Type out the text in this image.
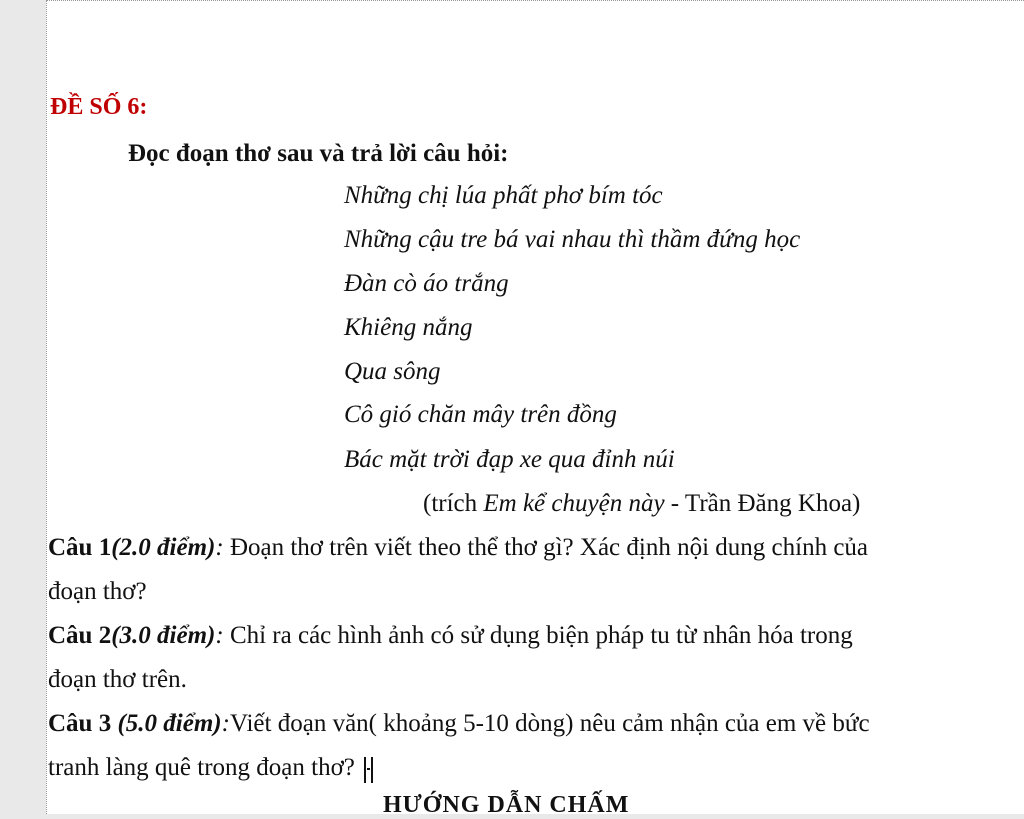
ĐỀ SỐ 6:
Đọc đoạn thơ sau và trả lời câu hỏi:
Những chị lúa phất phơ bím tóc
Những cậu tre bá vai nhau thì thầm đứng học
Đàn cò áo trắng
Khiêng nắng
Qua sông
Cô gió chăn mây trên đồng
Bác mặt trời đạp xe qua đỉnh núi
(trích Em kể chuyện này - Trần Đăng Khoa)
Câu 1(2.0 điểm): Đoạn thơ trên viết theo thể thơ gì? Xác định nội dung chính của
đoạn thơ?
Câu 2(3.0 điểm): Chỉ ra các hình ảnh có sử dụng biện pháp tu từ nhân hóa trong
đoạn thơ trên.
Câu 3 (5.0 điểm):Viết đoạn văn( khoảng 5-10 dòng) nêu cảm nhận của em về bức
tranh làng quê trong đoạn thơ?
HƯỚNG DẪN CHẤM
